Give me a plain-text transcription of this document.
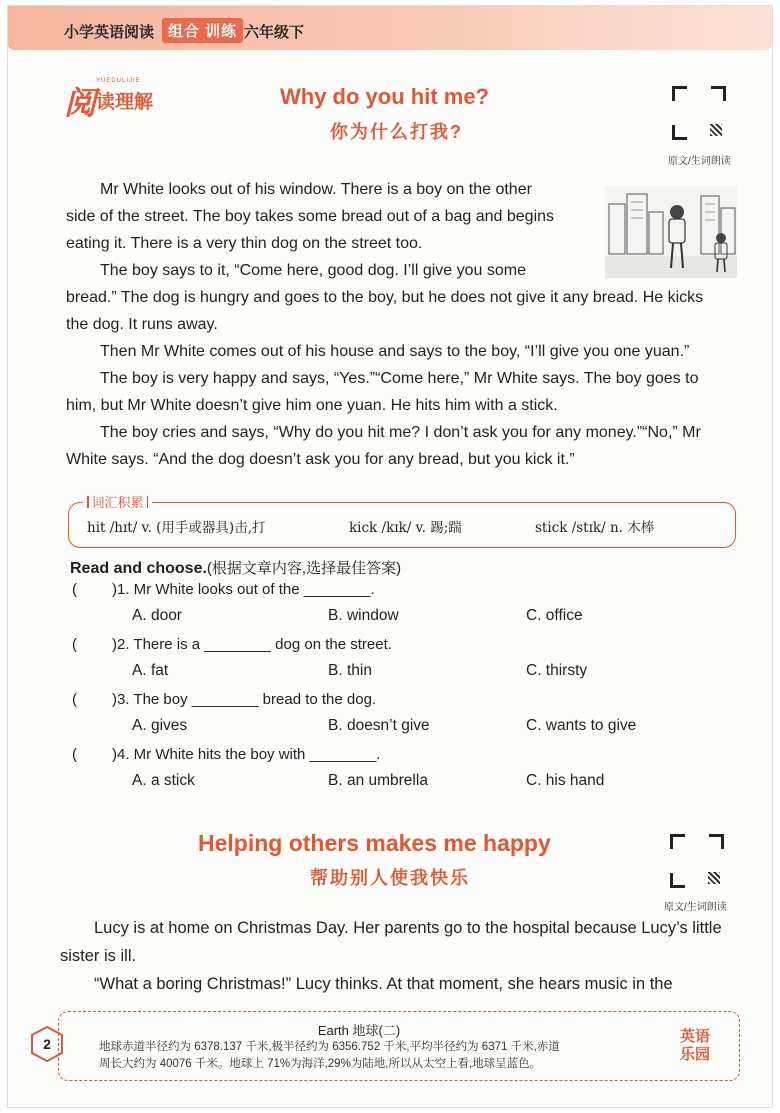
小学英语阅读 组合 训练 六年级下
YUEDULIJIE
阅读理解	Why do you hit me?
你为什么打我?
原文/生词朗读
Mr White looks out of his window. There is a boy on the other
side of the street. The boy takes some bread out of a bag and begins
eating it. There is a very thin dog on the street too.
The boy says to it, “Come here, good dog. I’ll give you some
bread.” The dog is hungry and goes to the boy, but he does not give it any bread. He kicks
the dog. It runs away.
Then Mr White comes out of his house and says to the boy, “I’ll give you one yuan.”
The boy is very happy and says, “Yes.”“Come here,” Mr White says. The boy goes to
him, but Mr White doesn’t give him one yuan. He hits him with a stick.
The boy cries and says, “Why do you hit me? I don’t ask you for any money.”“No,” Mr
White says. “And the dog doesn’t ask you for any bread, but you kick it.”
词汇积累
hit /hɪt/ v. (用手或器具)击,打	kick /kɪk/ v. 踢;踹	stick /stɪk/ n. 木棒
Read and choose.(根据文章内容,选择最佳答案)
( )1. Mr White looks out of the ________.
A. door	B. window	C. office
( )2. There is a ________ dog on the street.
A. fat	B. thin	C. thirsty
( )3. The boy ________ bread to the dog.
A. gives	B. doesn’t give	C. wants to give
( )4. Mr White hits the boy with ________.
A. a stick	B. an umbrella	C. his hand
Helping others makes me happy
帮助别人使我快乐
原文/生词朗读
Lucy is at home on Christmas Day. Her parents go to the hospital because Lucy’s little
sister is ill.
“What a boring Christmas!” Lucy thinks. At that moment, she hears music in the
2
Earth 地球(二)
地球赤道半径约为 6378.137 千米,极半径约为 6356.752 千米,平均半径约为 6371 千米,赤道
周长大约为 40076 千米。地球上 71%为海洋,29%为陆地,所以从太空上看,地球呈蓝色。
英语
乐园
